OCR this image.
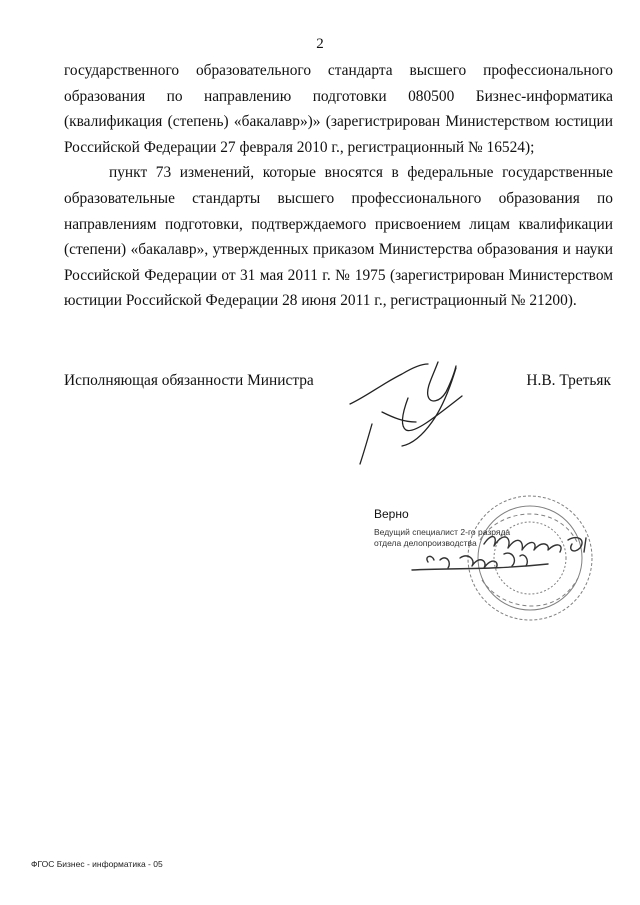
2

государственного образовательного стандарта высшего профессионального образования по направлению подготовки 080500 Бизнес-информатика (квалификация (степень) «бакалавр»)» (зарегистрирован Министерством юстиции Российской Федерации 27 февраля 2010 г., регистрационный № 16524);

пункт 73 изменений, которые вносятся в федеральные государственные образовательные стандарты высшего профессионального образования по направлениям подготовки, подтверждаемого присвоением лицам квалификации (степени) «бакалавр», утвержденных приказом Министерства образования и науки Российской Федерации от 31 мая 2011 г. № 1975 (зарегистрирован Министерством юстиции Российской Федерации 28 июня 2011 г., регистрационный № 21200).

Исполняющая обязанности Министра	Н.В. Третьяк
Верно
Ведущий специалист 2-го разряда
отдела делопроизводства
ФГОС Бизнес - информатика - 05
